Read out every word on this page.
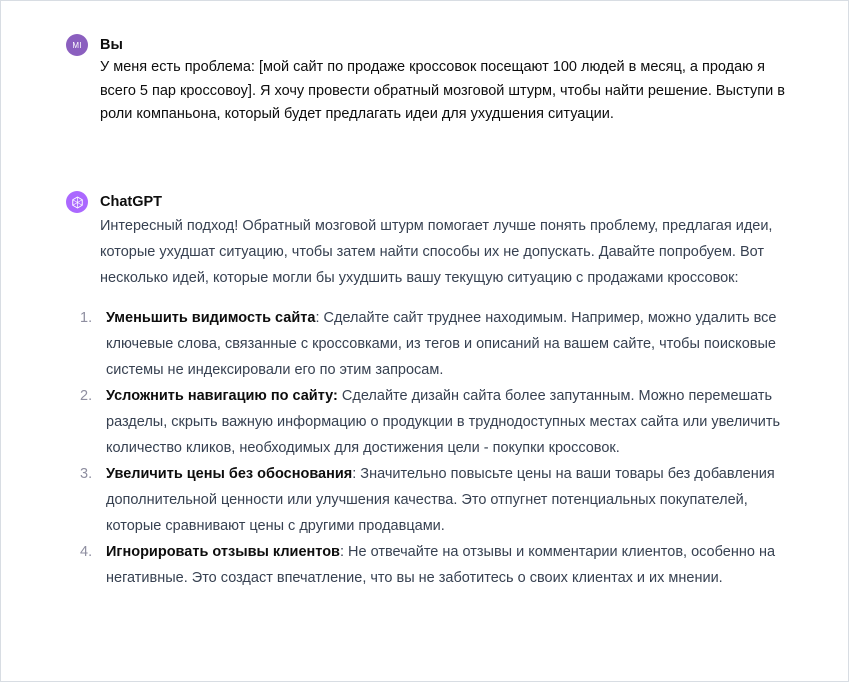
MI Вы
У меня есть проблема: [мой сайт по продаже кроссовок посещают 100 людей в месяц, а продаю я всего 5 пар кроссовоу]. Я хочу провести обратный мозговой штурм, чтобы найти решение. Выступи в роли компаньона, который будет предлагать идеи для ухудшения ситуации.
ChatGPT
Интересный подход! Обратный мозговой штурм помогает лучше понять проблему, предлагая идеи, которые ухудшат ситуацию, чтобы затем найти способы их не допускать. Давайте попробуем. Вот несколько идей, которые могли бы ухудшить вашу текущую ситуацию с продажами кроссовок:
1. Уменьшить видимость сайта: Сделайте сайт труднее находимым. Например, можно удалить все ключевые слова, связанные с кроссовками, из тегов и описаний на вашем сайте, чтобы поисковые системы не индексировали его по этим запросам.
2. Усложнить навигацию по сайту: Сделайте дизайн сайта более запутанным. Можно перемешать разделы, скрыть важную информацию о продукции в труднодоступных местах сайта или увеличить количество кликов, необходимых для достижения цели - покупки кроссовок.
3. Увеличить цены без обоснования: Значительно повысьте цены на ваши товары без добавления дополнительной ценности или улучшения качества. Это отпугнет потенциальных покупателей, которые сравнивают цены с другими продавцами.
4. Игнорировать отзывы клиентов: Не отвечайте на отзывы и комментарии клиентов, особенно на негативные. Это создаст впечатление, что вы не заботитесь о своих клиентах и их мнении.
